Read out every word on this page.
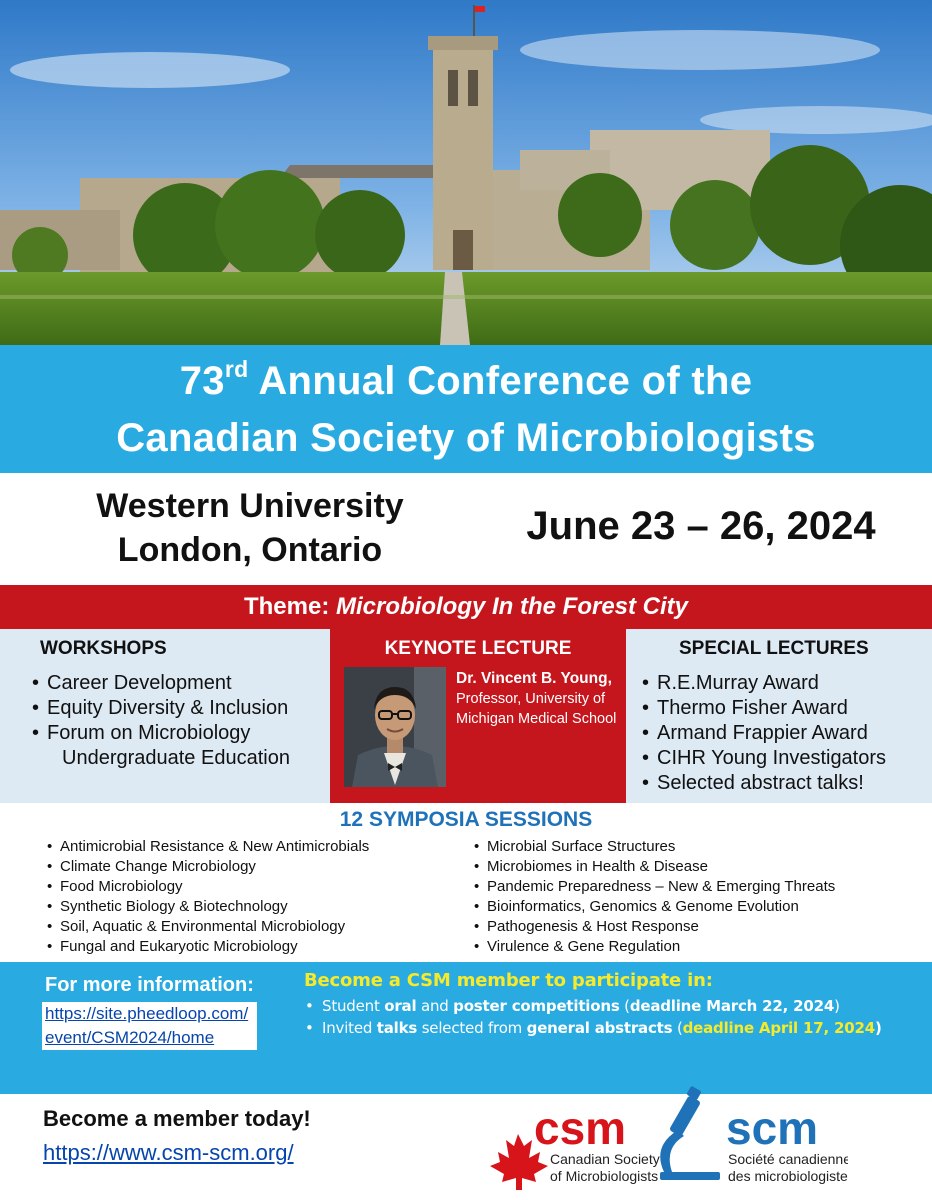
73rd Annual Conference of the
Canadian Society of Microbiologists
Western University
London, Ontario
June 23 – 26, 2024
Theme: Microbiology In the Forest City
WORKSHOPS
• Career Development
• Equity Diversity & Inclusion
• Forum on Microbiology
Undergraduate Education
KEYNOTE LECTURE
Dr. Vincent B. Young, Professor, University of Michigan Medical School
SPECIAL LECTURES
• R.E.Murray Award
• Thermo Fisher Award
• Armand Frappier Award
• CIHR Young Investigators
• Selected abstract talks!
12 SYMPOSIA SESSIONS
• Antimicrobial Resistance & New Antimicrobials
• Climate Change Microbiology
• Food Microbiology
• Synthetic Biology & Biotechnology
• Soil, Aquatic & Environmental Microbiology
• Fungal and Eukaryotic Microbiology
• Microbial Surface Structures
• Microbiomes in Health & Disease
• Pandemic Preparedness – New & Emerging Threats
• Bioinformatics, Genomics & Genome Evolution
• Pathogenesis & Host Response
• Virulence & Gene Regulation
For more information:
https://site.pheedloop.com/event/CSM2024/home
Become a CSM member to participate in:
• Student oral and poster competitions (deadline March 22, 2024)
• Invited talks selected from general abstracts (deadline April 17, 2024)
Become a member today!
https://www.csm-scm.org/	csm scm
Canadian Society
of Microbiologists
Société canadienne
des microbiologistes
